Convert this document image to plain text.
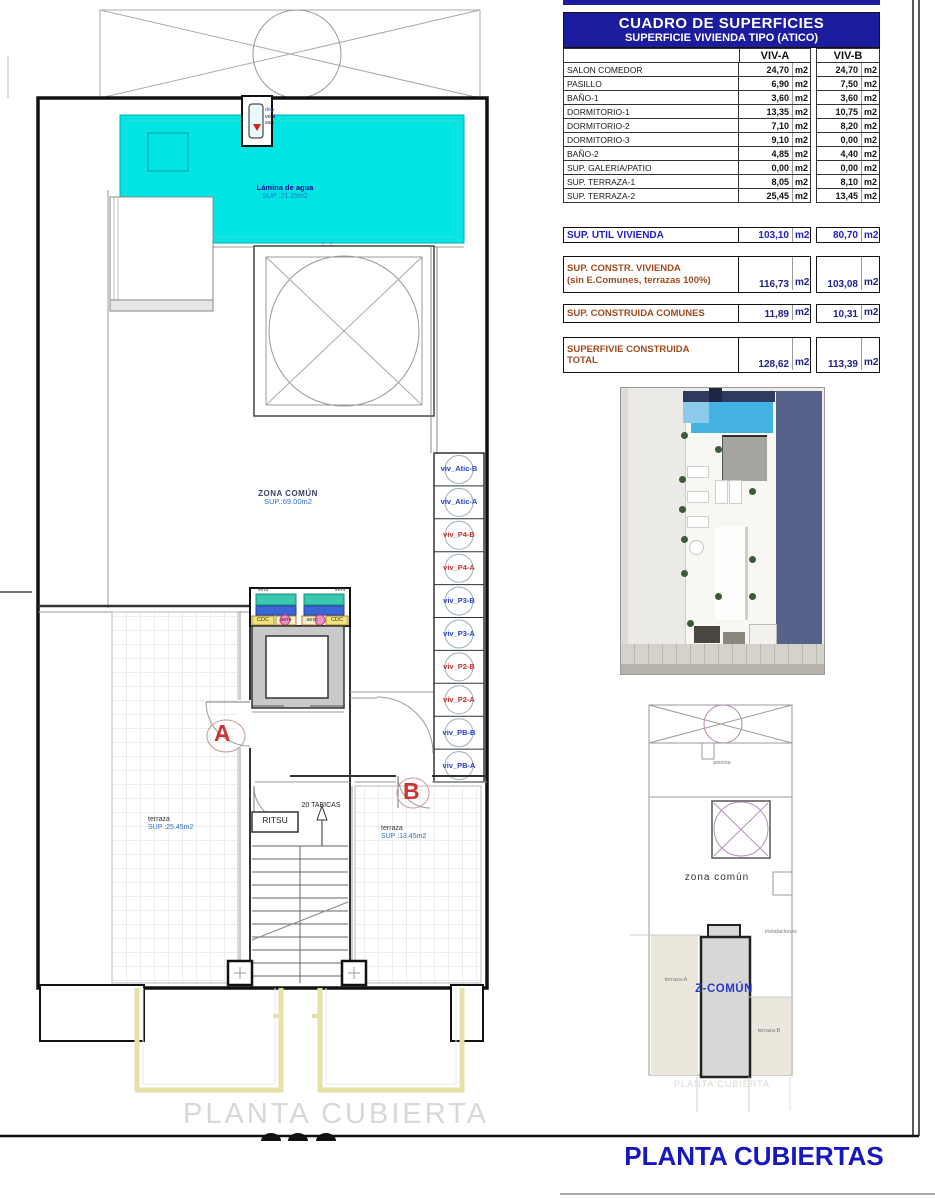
Lámina de agua
SUP :21.15m2
ZONA COMÚN
SUP.:69.00m2
terraza
SUP :25.45m2	terraza
SUP :13.45m2
A
B
RITSU
20 TABICAS
dep
vent
san
vent	vent
CDC aero	aero CDC
viv_Atic-B
viv_Atic-A
viv_P4-B
viv_P4-A
viv_P3-B
viv_P3-A
viv_P2-B
viv_P2-A
viv_PB-B
viv_PB-A	piscina
zona común
Z-COMÚN
terraza-A
terraza-B
instalaciones
PLANTA CUBIERTA
PLANTA CUBIERTA
PLANTA CUBIERTAS
CUADRO DE SUPERFICIES
SUPERFICIE VIVIENDA TIPO (ATICO)
VIV-A	VIV-B
SALON COMEDOR	24,70 m2	24,70 m2
PASILLO	6,90 m2	7,50 m2
BAÑO-1	3,60 m2	3,60 m2
DORMITORIO-1	13,35 m2	10,75 m2
DORMITORIO-2	7,10 m2	8,20 m2
DORMITORIO-3	9,10 m2	0,00 m2
BAÑO-2	4,85 m2	4,40 m2
SUP. GALERIA/PATIO	0,00 m2	0,00 m2
SUP. TERRAZA-1	8,05 m2	8,10 m2
SUP. TERRAZA-2	25,45 m2	13,45 m2
SUP. UTIL VIVIENDA	103,10 m2	80,70 m2
SUP. CONSTR. VIVIENDA
(sin E.Comunes, terrazas 100%)	116,73 m2	103,08 m2
SUP. CONSTRUIDA COMUNES	11,89 m2	10,31 m2
SUPERFIVIE CONSTRUIDA
TOTAL	128,62 m2	113,39 m2
